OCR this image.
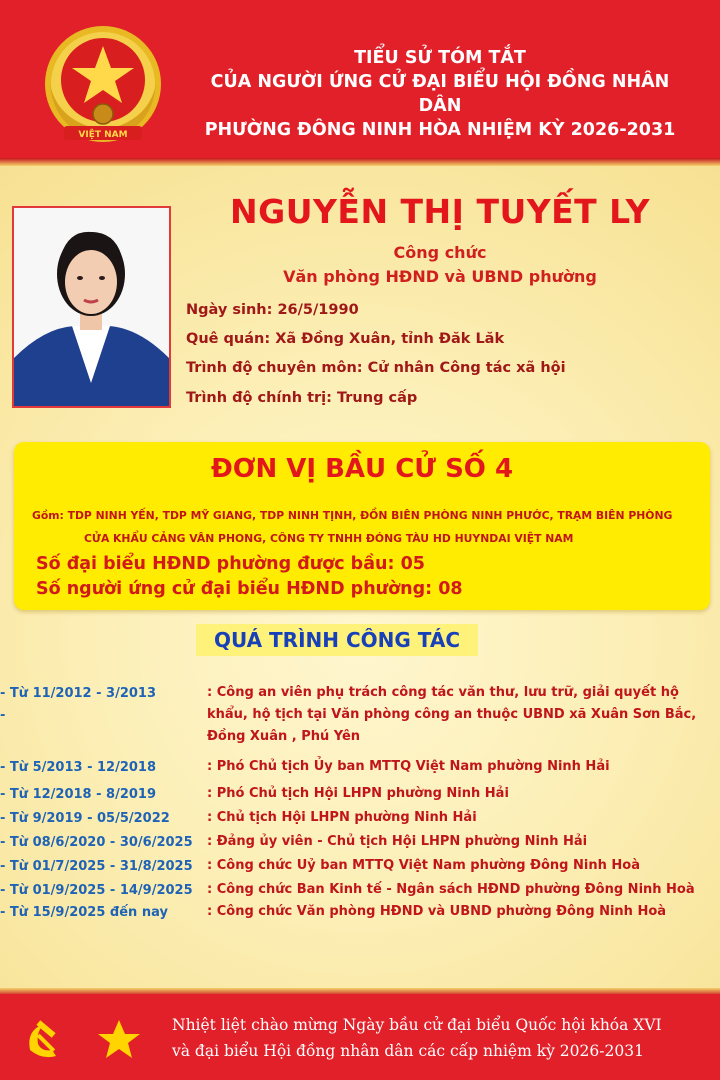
VIỆT NAM
TIỂU SỬ TÓM TẮT
CỦA NGƯỜI ỨNG CỬ ĐẠI BIỂU HỘI ĐỒNG NHÂN DÂN
PHƯỜNG ĐÔNG NINH HÒA NHIỆM KỲ 2026-2031
NGUYỄN THỊ TUYẾT LY
Công chức
Văn phòng HĐND và UBND phường
Ngày sinh: 26/5/1990
Quê quán: Xã Đồng Xuân, tỉnh Đăk Lăk
Trình độ chuyên môn: Cử nhân Công tác xã hội
Trình độ chính trị: Trung cấp
ĐƠN VỊ BẦU CỬ SỐ 4
Gồm: TDP NINH YẾN, TDP MỸ GIANG, TDP NINH TỊNH, ĐỒN BIÊN PHÒNG NINH PHƯỚC, TRẠM BIÊN PHÒNG
CỬA KHẨU CẢNG VÂN PHONG, CÔNG TY TNHH ĐÓNG TÀU HD HUYNDAI VIỆT NAM
Số đại biểu HĐND phường được bầu: 05
Số người ứng cử đại biểu HĐND phường: 08
QUÁ TRÌNH CÔNG TÁC
- Từ 11/2012 - 3/2013	: Công an viên phụ trách công tác văn thư, lưu trữ, giải quyết hộ khẩu, hộ tịch tại Văn phòng công an thuộc UBND xã Xuân Sơn Bắc, Đồng Xuân , Phú Yên
-
- Từ 5/2013 - 12/2018	: Phó Chủ tịch Ủy ban MTTQ Việt Nam phường Ninh Hải
- Từ 12/2018 - 8/2019	: Phó Chủ tịch Hội LHPN phường Ninh Hải
- Từ 9/2019 - 05/5/2022	: Chủ tịch Hội LHPN phường Ninh Hải
- Từ 08/6/2020 - 30/6/2025	: Đảng ủy viên - Chủ tịch Hội LHPN phường Ninh Hải
- Từ 01/7/2025 - 31/8/2025	: Công chức Uỷ ban MTTQ Việt Nam phường Đông Ninh Hoà
- Từ 01/9/2025 - 14/9/2025	: Công chức Ban Kinh tế - Ngân sách HĐND phường Đông Ninh Hoà
- Từ 15/9/2025 đến nay	: Công chức Văn phòng HĐND và UBND phường Đông Ninh Hoà
Nhiệt liệt chào mừng Ngày bầu cử đại biểu Quốc hội khóa XVI
và đại biểu Hội đồng nhân dân các cấp nhiệm kỳ 2026-2031
